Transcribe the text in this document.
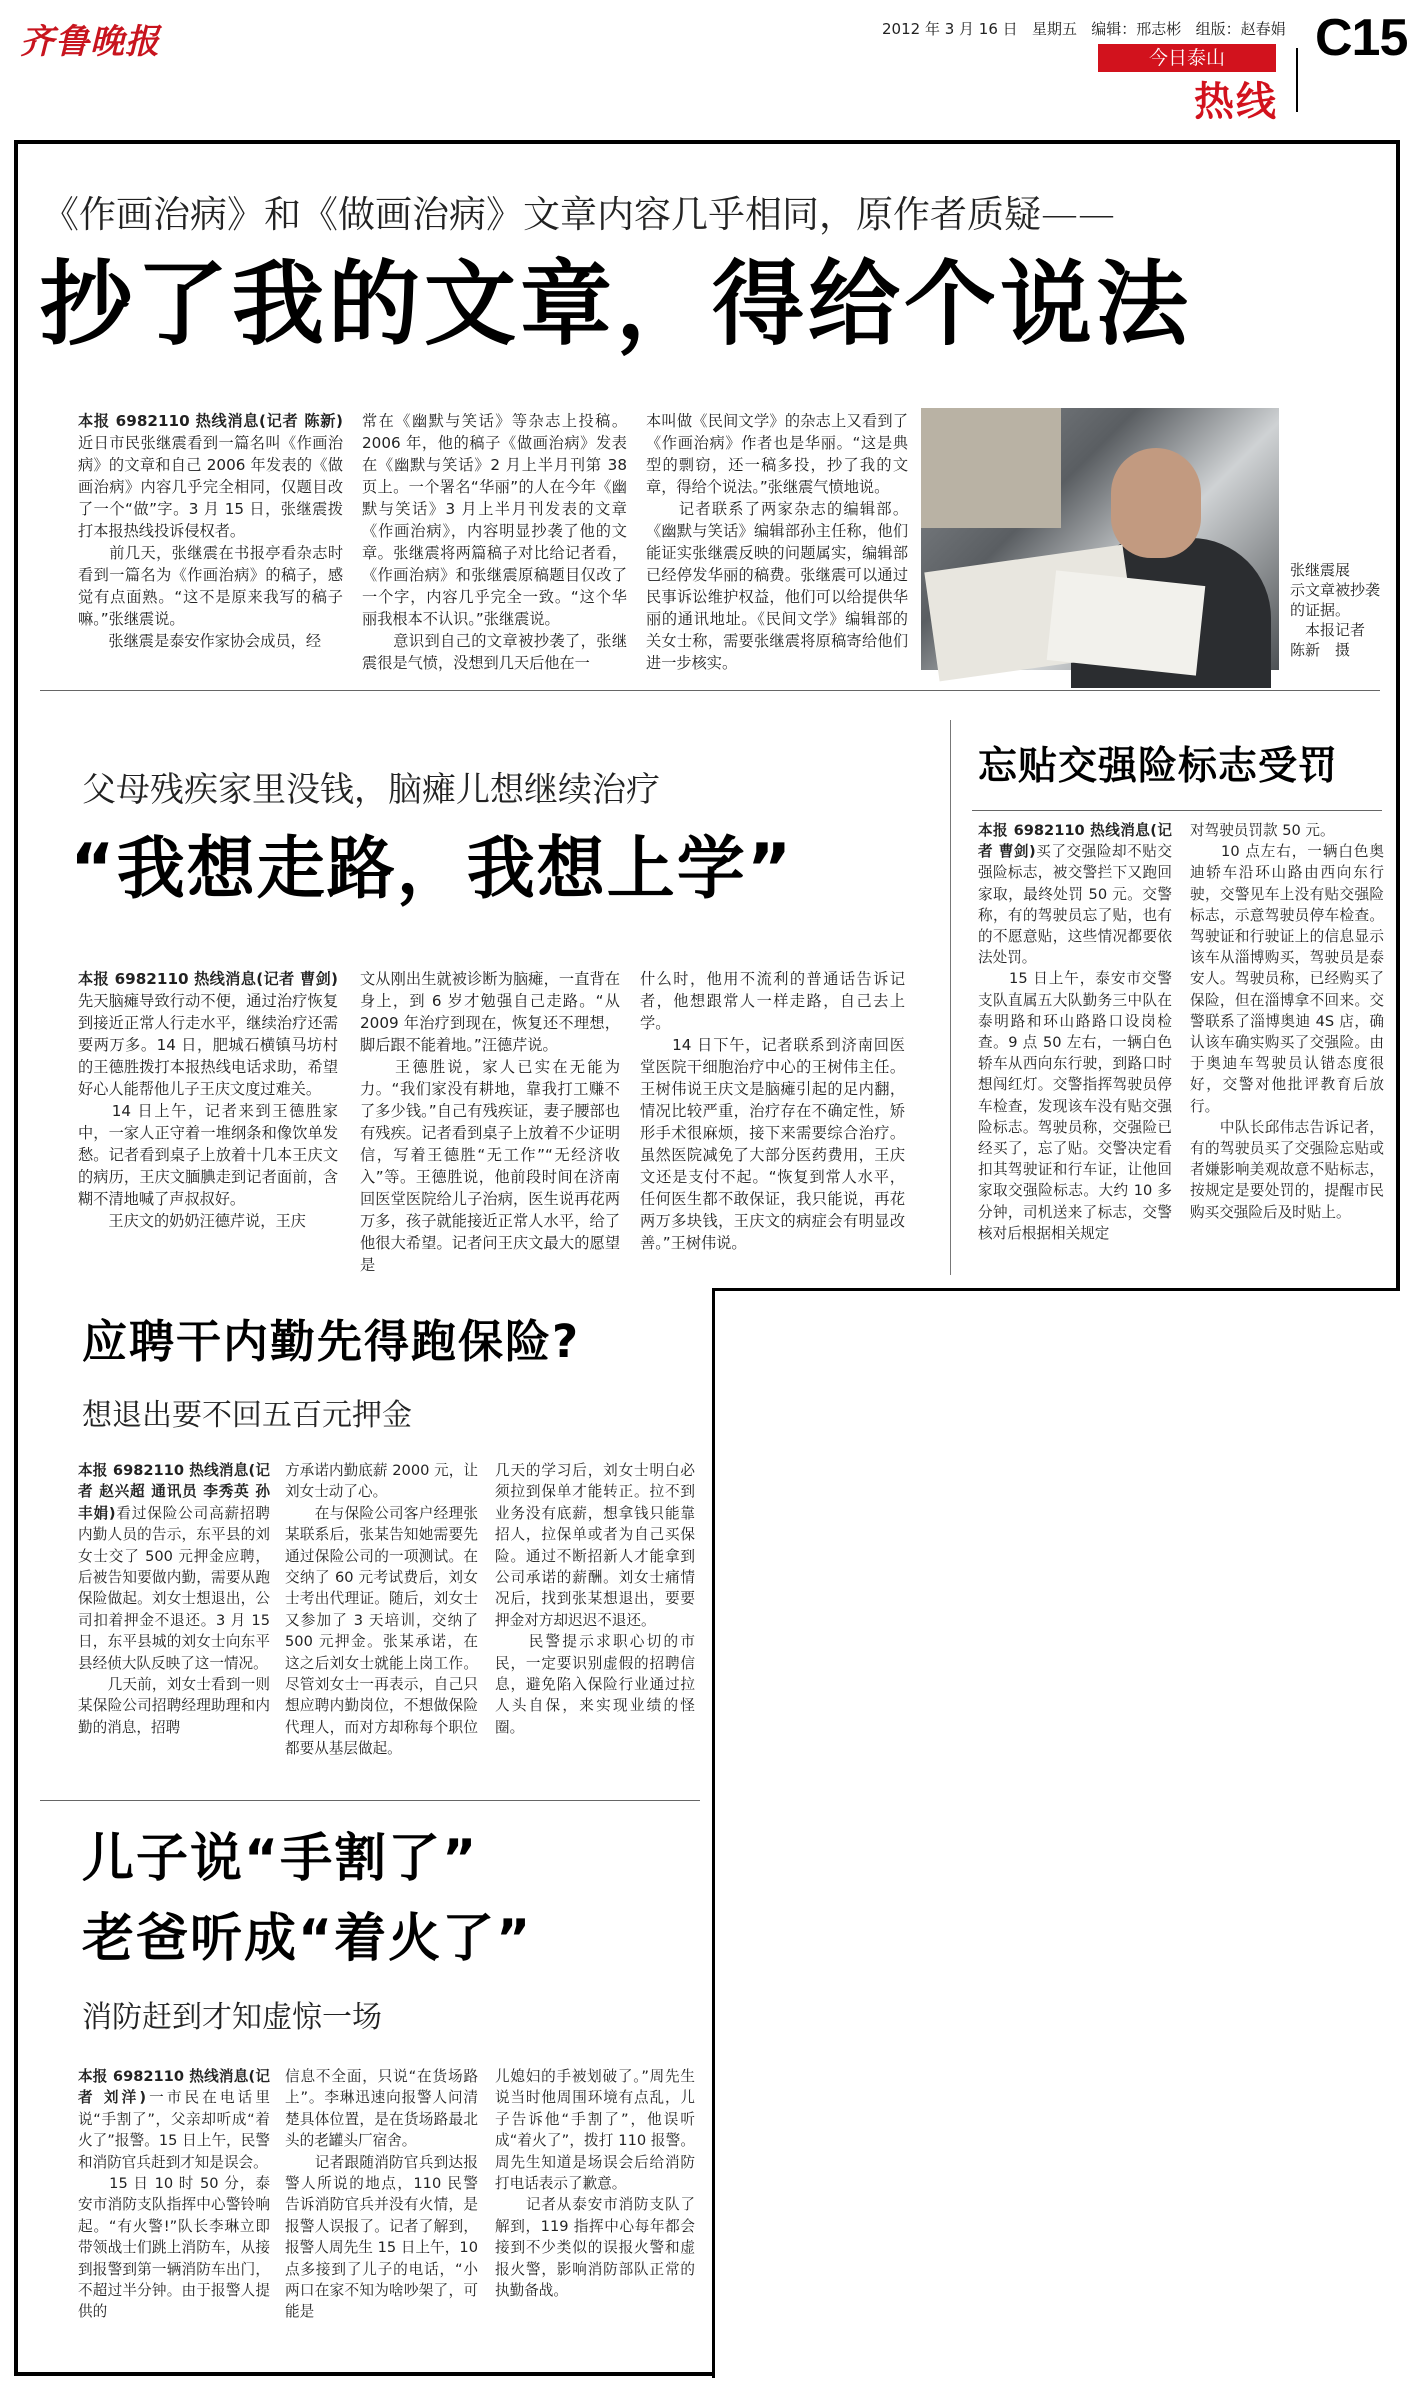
齐鲁晚报	2012 年 3 月 16 日 星期五 编辑：邢志彬 组版：赵春娟
今日泰山
热线
C15
《作画治病》和《做画治病》文章内容几乎相同，原作者质疑——
抄了我的文章，得给个说法
本报 6982110 热线消息(记者 陈新)近日市民张继震看到一篇名叫《作画治病》的文章和自己 2006 年发表的《做画治病》内容几乎完全相同，仅题目改了一个“做”字。3 月 15 日，张继震拨打本报热线投诉侵权者。
　　前几天，张继震在书报亭看杂志时看到一篇名为《作画治病》的稿子，感觉有点面熟。“这不是原来我写的稿子嘛。”张继震说。
　　张继震是泰安作家协会成员，经
常在《幽默与笑话》等杂志上投稿。2006 年，他的稿子《做画治病》发表在《幽默与笑话》2 月上半月刊第 38 页上。一个署名“华丽”的人在今年《幽默与笑话》3 月上半月刊发表的文章《作画治病》，内容明显抄袭了他的文章。张继震将两篇稿子对比给记者看，《作画治病》和张继震原稿题目仅改了一个字，内容几乎完全一致。“这个华丽我根本不认识。”张继震说。
　　意识到自己的文章被抄袭了，张继震很是气愤，没想到几天后他在一
本叫做《民间文学》的杂志上又看到了《作画治病》作者也是华丽。“这是典型的剽窃，还一稿多投，抄了我的文章，得给个说法。”张继震气愤地说。
　　记者联系了两家杂志的编辑部。《幽默与笑话》编辑部孙主任称，他们能证实张继震反映的问题属实，编辑部已经停发华丽的稿费。张继震可以通过民事诉讼维护权益，他们可以给提供华丽的通讯地址。《民间文学》编辑部的关女士称，需要张继震将原稿寄给他们进一步核实。
张继震展
示文章被抄袭
的证据。
　本报记者
陈新　摄
父母残疾家里没钱，脑瘫儿想继续治疗
“我想走路，我想上学”
本报 6982110 热线消息(记者 曹剑)先天脑瘫导致行动不便，通过治疗恢复到接近正常人行走水平，继续治疗还需要两万多。14 日，肥城石横镇马坊村的王德胜拨打本报热线电话求助，希望好心人能帮他儿子王庆文度过难关。
　　14 日上午，记者来到王德胜家中，一家人正守着一堆纲条和像饮单发愁。记者看到桌子上放着十几本王庆文的病历，王庆文腼腆走到记者面前，含糊不清地喊了声叔叔好。
　　王庆文的奶奶汪德芹说，王庆
文从刚出生就被诊断为脑瘫，一直背在身上，到 6 岁才勉强自己走路。“从 2009 年治疗到现在，恢复还不理想，脚后跟不能着地。”汪德芹说。
　　王德胜说，家人已实在无能为力。“我们家没有耕地，靠我打工赚不了多少钱。”自己有残疾证，妻子腰部也有残疾。记者看到桌子上放着不少证明信，写着王德胜“无工作”“无经济收入”等。王德胜说，他前段时间在济南回医堂医院给儿子治病，医生说再花两万多，孩子就能接近正常人水平，给了他很大希望。记者问王庆文最大的愿望是
什么时，他用不流利的普通话告诉记者，他想跟常人一样走路，自己去上学。
　　14 日下午，记者联系到济南回医堂医院干细胞治疗中心的王树伟主任。王树伟说王庆文是脑瘫引起的足内翻，情况比较严重，治疗存在不确定性，矫形手术很麻烦，接下来需要综合治疗。虽然医院减免了大部分医药费用，王庆文还是支付不起。“恢复到常人水平，任何医生都不敢保证，我只能说，再花两万多块钱，王庆文的病症会有明显改善。”王树伟说。
忘贴交强险标志受罚
本报 6982110 热线消息(记者 曹剑)买了交强险却不贴交强险标志，被交警拦下又跑回家取，最终处罚 50 元。交警称，有的驾驶员忘了贴，也有的不愿意贴，这些情况都要依法处罚。
　　15 日上午，泰安市交警支队直属五大队勤务三中队在泰明路和环山路路口设岗检查。9 点 50 左右，一辆白色轿车从西向东行驶，到路口时想闯红灯。交警指挥驾驶员停车检查，发现该车没有贴交强险标志。驾驶员称，交强险已经买了，忘了贴。交警决定看扣其驾驶证和行车证，让他回家取交强险标志。大约 10 多分钟，司机送来了标志，交警核对后根据相关规定
对驾驶员罚款 50 元。
　　10 点左右，一辆白色奥迪轿车沿环山路由西向东行驶，交警见车上没有贴交强险标志，示意驾驶员停车检查。驾驶证和行驶证上的信息显示该车从淄博购买，驾驶员是泰安人。驾驶员称，已经购买了保险，但在淄博拿不回来。交警联系了淄博奥迪 4S 店，确认该车确实购买了交强险。由于奥迪车驾驶员认错态度很好，交警对他批评教育后放行。
　　中队长邱伟志告诉记者，有的驾驶员买了交强险忘贴或者嫌影响美观故意不贴标志，按规定是要处罚的，提醒市民购买交强险后及时贴上。
应聘干内勤先得跑保险?
想退出要不回五百元押金
本报 6982110 热线消息(记者 赵兴超 通讯员 李秀英 孙丰娟)看过保险公司高薪招聘内勤人员的告示，东平县的刘女士交了 500 元押金应聘，后被告知要做内勤，需要从跑保险做起。刘女士想退出，公司扣着押金不退还。3 月 15 日，东平县城的刘女士向东平县经侦大队反映了这一情况。
　　几天前，刘女士看到一则某保险公司招聘经理助理和内勤的消息，招聘
方承诺内勤底薪 2000 元，让刘女士动了心。
　　在与保险公司客户经理张某联系后，张某告知她需要先通过保险公司的一项测试。在交纳了 60 元考试费后，刘女士考出代理证。随后，刘女士又参加了 3 天培训，交纳了 500 元押金。张某承诺，在这之后刘女士就能上岗工作。尽管刘女士一再表示，自己只想应聘内勤岗位，不想做保险代理人，而对方却称每个职位都要从基层做起。
几天的学习后，刘女士明白必须拉到保单才能转正。拉不到业务没有底薪，想拿钱只能靠招人，拉保单或者为自己买保险。通过不断招新人才能拿到公司承诺的薪酬。刘女士痛情况后，找到张某想退出，要要押金对方却迟迟不退还。
　　民警提示求职心切的市民，一定要识别虚假的招聘信息，避免陷入保险行业通过拉人头自保，来实现业绩的怪圈。
儿子说“手割了”
老爸听成“着火了”
消防赶到才知虚惊一场
本报 6982110 热线消息(记者 刘洋)一市民在电话里说“手割了”，父亲却听成“着火了”报警。15 日上午，民警和消防官兵赶到才知是误会。
　　15 日 10 时 50 分，泰安市消防支队指挥中心警铃响起。“有火警!”队长李琳立即带领战士们跳上消防车，从接到报警到第一辆消防车出门，不超过半分钟。由于报警人提供的
信息不全面，只说“在货场路上”。李琳迅速向报警人问清楚具体位置，是在货场路最北头的老罐头厂宿舍。
　　记者跟随消防官兵到达报警人所说的地点，110 民警告诉消防官兵并没有火情，是报警人误报了。记者了解到，报警人周先生 15 日上午，10 点多接到了儿子的电话，“小两口在家不知为啥吵架了，可能是
儿媳妇的手被划破了。”周先生说当时他周围环境有点乱，儿子告诉他“手割了”，他误听成“着火了”，拨打 110 报警。周先生知道是场误会后给消防打电话表示了歉意。
　　记者从泰安市消防支队了解到，119 指挥中心每年都会接到不少类似的误报火警和虚报火警，影响消防部队正常的执勤备战。
